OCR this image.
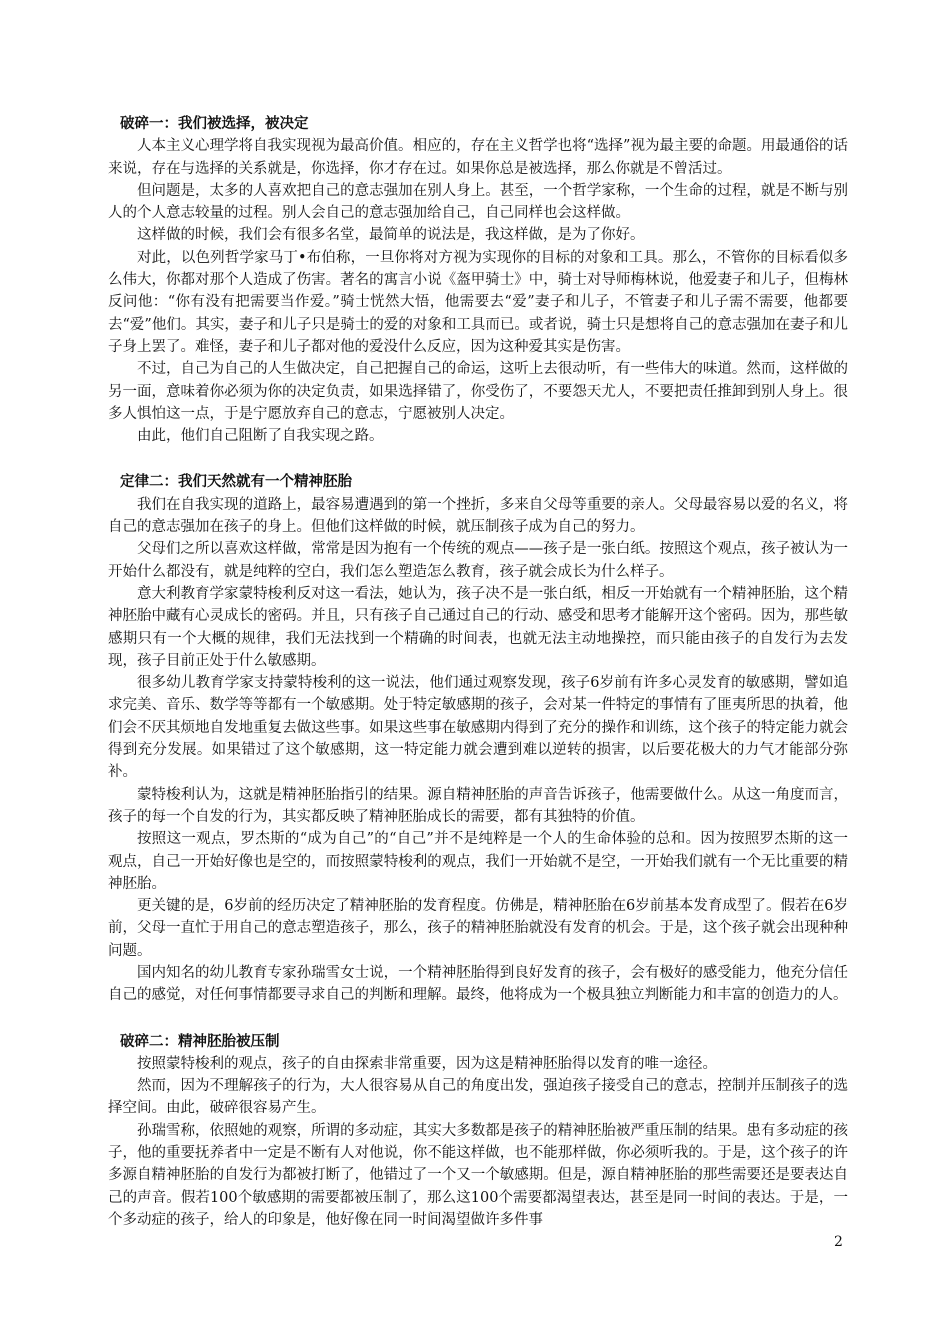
破碎一：我们被选择，被决定

人本主义心理学将自我实现视为最高价值。相应的，存在主义哲学也将“选择”视为最主要的命题。用最通俗的话来说，存在与选择的关系就是，你选择，你才存在过。如果你总是被选择，那么你就是不曾活过。

但问题是，太多的人喜欢把自己的意志强加在别人身上。甚至，一个哲学家称，一个生命的过程，就是不断与别人的个人意志较量的过程。别人会自己的意志强加给自己，自己同样也会这样做。

这样做的时候，我们会有很多名堂，最简单的说法是，我这样做，是为了你好。

对此，以色列哲学家马丁•布伯称，一旦你将对方视为实现你的目标的对象和工具。那么，不管你的目标看似多么伟大，你都对那个人造成了伤害。著名的寓言小说《盔甲骑士》中，骑士对导师梅林说，他爱妻子和儿子，但梅林反问他：“你有没有把需要当作爱。”骑士恍然大悟，他需要去“爱”妻子和儿子，不管妻子和儿子需不需要，他都要去“爱”他们。其实，妻子和儿子只是骑士的爱的对象和工具而已。或者说，骑士只是想将自己的意志强加在妻子和儿子身上罢了。难怪，妻子和儿子都对他的爱没什么反应，因为这种爱其实是伤害。

不过，自己为自己的人生做决定，自己把握自己的命运，这听上去很动听，有一些伟大的味道。然而，这样做的另一面，意味着你必须为你的决定负责，如果选择错了，你受伤了，不要怨天尤人，不要把责任推卸到别人身上。很多人惧怕这一点，于是宁愿放弃自己的意志，宁愿被别人决定。

由此，他们自己阻断了自我实现之路。

定律二：我们天然就有一个精神胚胎

我们在自我实现的道路上，最容易遭遇到的第一个挫折，多来自父母等重要的亲人。父母最容易以爱的名义，将自己的意志强加在孩子的身上。但他们这样做的时候，就压制孩子成为自己的努力。

父母们之所以喜欢这样做，常常是因为抱有一个传统的观点——孩子是一张白纸。按照这个观点，孩子被认为一开始什么都没有，就是纯粹的空白，我们怎么塑造怎么教育，孩子就会成长为什么样子。

意大利教育学家蒙特梭利反对这一看法，她认为，孩子决不是一张白纸，相反一开始就有一个精神胚胎，这个精神胚胎中藏有心灵成长的密码。并且，只有孩子自己通过自己的行动、感受和思考才能解开这个密码。因为，那些敏感期只有一个大概的规律，我们无法找到一个精确的时间表，也就无法主动地操控，而只能由孩子的自发行为去发现，孩子目前正处于什么敏感期。

很多幼儿教育学家支持蒙特梭利的这一说法，他们通过观察发现，孩子6岁前有许多心灵发育的敏感期，譬如追求完美、音乐、数学等等都有一个敏感期。处于特定敏感期的孩子，会对某一件特定的事情有了匪夷所思的执着，他们会不厌其烦地自发地重复去做这些事。如果这些事在敏感期内得到了充分的操作和训练，这个孩子的特定能力就会得到充分发展。如果错过了这个敏感期，这一特定能力就会遭到难以逆转的损害，以后要花极大的力气才能部分弥补。

蒙特梭利认为，这就是精神胚胎指引的结果。源自精神胚胎的声音告诉孩子，他需要做什么。从这一角度而言，孩子的每一个自发的行为，其实都反映了精神胚胎成长的需要，都有其独特的价值。

按照这一观点，罗杰斯的“成为自己”的“自己”并不是纯粹是一个人的生命体验的总和。因为按照罗杰斯的这一观点，自己一开始好像也是空的，而按照蒙特梭利的观点，我们一开始就不是空，一开始我们就有一个无比重要的精神胚胎。

更关键的是，6岁前的经历决定了精神胚胎的发育程度。仿佛是，精神胚胎在6岁前基本发育成型了。假若在6岁前，父母一直忙于用自己的意志塑造孩子，那么，孩子的精神胚胎就没有发育的机会。于是，这个孩子就会出现种种问题。

国内知名的幼儿教育专家孙瑞雪女士说，一个精神胚胎得到良好发育的孩子，会有极好的感受能力，他充分信任自己的感觉，对任何事情都要寻求自己的判断和理解。最终，他将成为一个极具独立判断能力和丰富的创造力的人。

破碎二：精神胚胎被压制

按照蒙特梭利的观点，孩子的自由探索非常重要，因为这是精神胚胎得以发育的唯一途径。

然而，因为不理解孩子的行为，大人很容易从自己的角度出发，强迫孩子接受自己的意志，控制并压制孩子的选择空间。由此，破碎很容易产生。

孙瑞雪称，依照她的观察，所谓的多动症，其实大多数都是孩子的精神胚胎被严重压制的结果。患有多动症的孩子，他的重要抚养者中一定是不断有人对他说，你不能这样做，也不能那样做，你必须听我的。于是，这个孩子的许多源自精神胚胎的自发行为都被打断了，他错过了一个又一个敏感期。但是，源自精神胚胎的那些需要还是要表达自己的声音。假若100个敏感期的需要都被压制了，那么这100个需要都渴望表达，甚至是同一时间的表达。于是，一个多动症的孩子，给人的印象是，他好像在同一时间渴望做许多件事

2
